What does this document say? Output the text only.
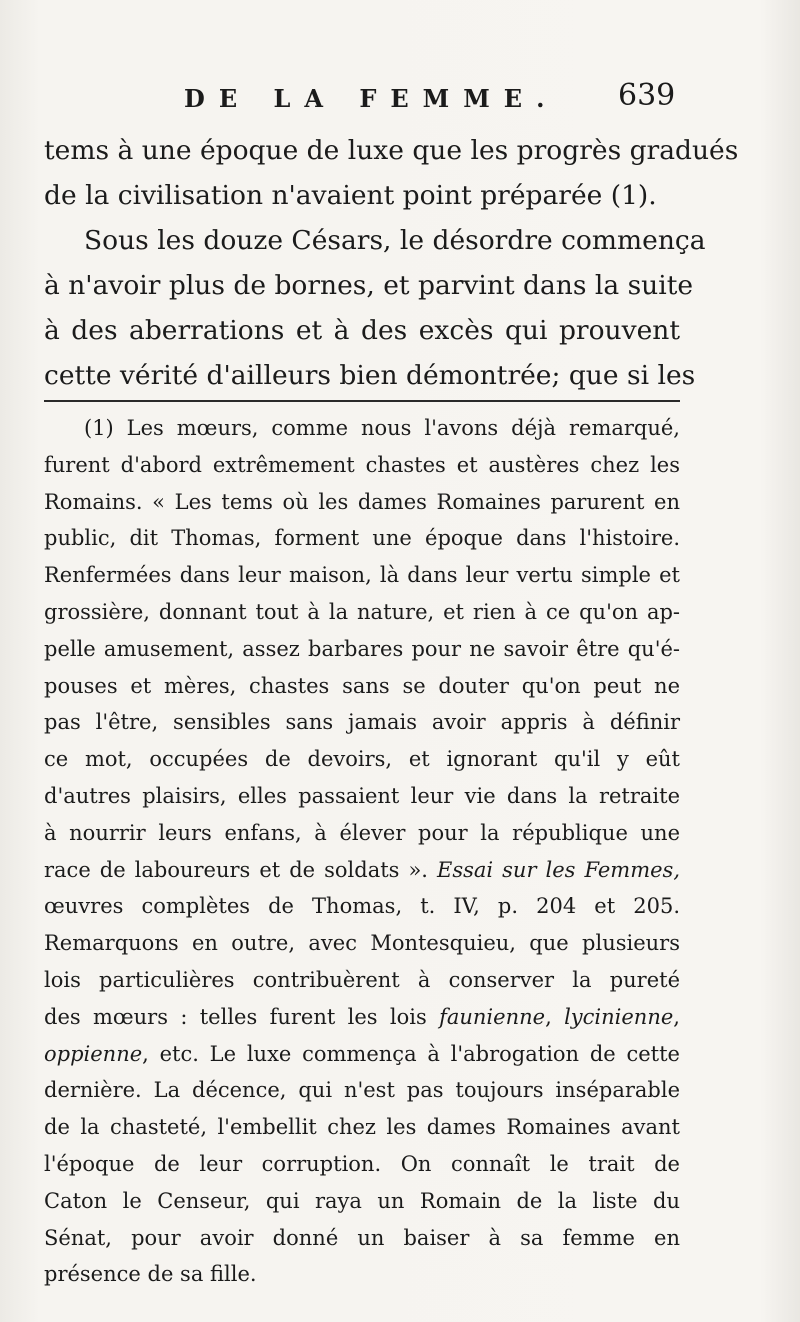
DE LA FEMME. 639

tems à une époque de luxe que les progrès gradués
de la civilisation n'avaient point préparée (1).

Sous les douze Césars, le désordre commença
à n'avoir plus de bornes, et parvint dans la suite
à des aberrations et à des excès qui prouvent
cette vérité d'ailleurs bien démontrée; que si les

(1) Les mœurs, comme nous l'avons déjà remarqué,
furent d'abord extrêmement chastes et austères chez les
Romains. « Les tems où les dames Romaines parurent en
public, dit Thomas, forment une époque dans l'histoire.
Renfermées dans leur maison, là dans leur vertu simple et
grossière, donnant tout à la nature, et rien à ce qu'on ap-
pelle amusement, assez barbares pour ne savoir être qu'é-
pouses et mères, chastes sans se douter qu'on peut ne
pas l'être, sensibles sans jamais avoir appris à définir
ce mot, occupées de devoirs, et ignorant qu'il y eût
d'autres plaisirs, elles passaient leur vie dans la retraite
à nourrir leurs enfans, à élever pour la république une
race de laboureurs et de soldats ». Essai sur les Femmes,
œuvres complètes de Thomas, t. IV, p. 204 et 205.
Remarquons en outre, avec Montesquieu, que plusieurs
lois particulières contribuèrent à conserver la pureté
des mœurs : telles furent les lois faunienne, lycinienne,
oppienne, etc. Le luxe commença à l'abrogation de cette
dernière. La décence, qui n'est pas toujours inséparable
de la chasteté, l'embellit chez les dames Romaines avant
l'époque de leur corruption. On connaît le trait de
Caton le Censeur, qui raya un Romain de la liste du
Sénat, pour avoir donné un baiser à sa femme en
présence de sa fille.
